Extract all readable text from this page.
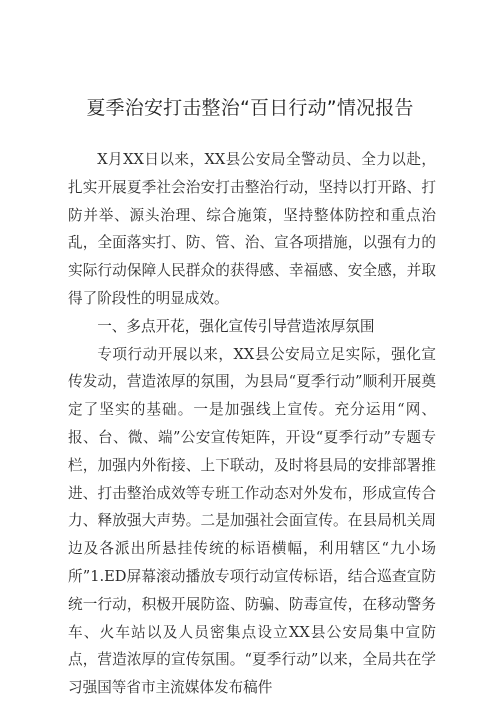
夏季治安打击整治“百日行动”情况报告

X月XX日以来，XX县公安局全警动员、全力以赴，扎实开展夏季社会治安打击整治行动，坚持以打开路、打防并举、源头治理、综合施策，坚持整体防控和重点治乱，全面落实打、防、管、治、宣各项措施，以强有力的实际行动保障人民群众的获得感、幸福感、安全感，并取得了阶段性的明显成效。

一、多点开花，强化宣传引导营造浓厚氛围

专项行动开展以来，XX县公安局立足实际，强化宣传发动，营造浓厚的氛围，为县局“夏季行动”顺利开展奠定了坚实的基础。一是加强线上宣传。充分运用“网、报、台、微、端”公安宣传矩阵，开设“夏季行动”专题专栏，加强内外衔接、上下联动，及时将县局的安排部署推进、打击整治成效等专班工作动态对外发布，形成宣传合力、释放强大声势。二是加强社会面宣传。在县局机关周边及各派出所悬挂传统的标语横幅，利用辖区“九小场所”1.ED屏幕滚动播放专项行动宣传标语，结合巡查宣防统一行动，积极开展防盗、防骗、防毒宣传，在移动警务车、火车站以及人员密集点设立XX县公安局集中宣防点，营造浓厚的宣传氛围。“夏季行动”以来，全局共在学习强国等省市主流媒体发布稿件
